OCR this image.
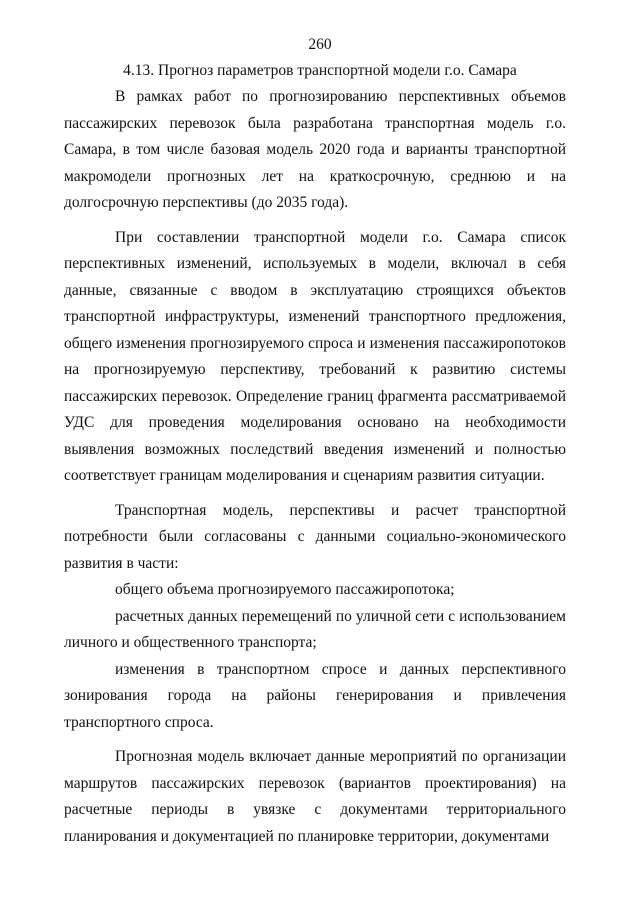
260
4.13. Прогноз параметров транспортной модели г.о. Самара

В рамках работ по прогнозированию перспективных объемов пассажирских перевозок была разработана транспортная модель г.о. Самара, в том числе базовая модель 2020 года и варианты транспортной макромодели прогнозных лет на краткосрочную, среднюю и на долгосрочную перспективы (до 2035 года).

При составлении транспортной модели г.о. Самара список перспективных изменений, используемых в модели, включал в себя данные, связанные с вводом в эксплуатацию строящихся объектов транспортной инфраструктуры, изменений транспортного предложения, общего изменения прогнозируемого спроса и изменения пассажиропотоков на прогнозируемую перспективу, требований к развитию системы пассажирских перевозок. Определение границ фрагмента рассматриваемой УДС для проведения моделирования основано на необходимости выявления возможных последствий введения изменений и полностью соответствует границам моделирования и сценариям развития ситуации.

Транспортная модель, перспективы и расчет транспортной потребности были согласованы с данными социально-экономического развития в части:

общего объема прогнозируемого пассажиропотока;

расчетных данных перемещений по уличной сети с использованием личного и общественного транспорта;

изменения в транспортном спросе и данных перспективного зонирования города на районы генерирования и привлечения транспортного спроса.

Прогнозная модель включает данные мероприятий по организации маршрутов пассажирских перевозок (вариантов проектирования) на расчетные периоды в увязке с документами территориального планирования и документацией по планировке территории, документами
